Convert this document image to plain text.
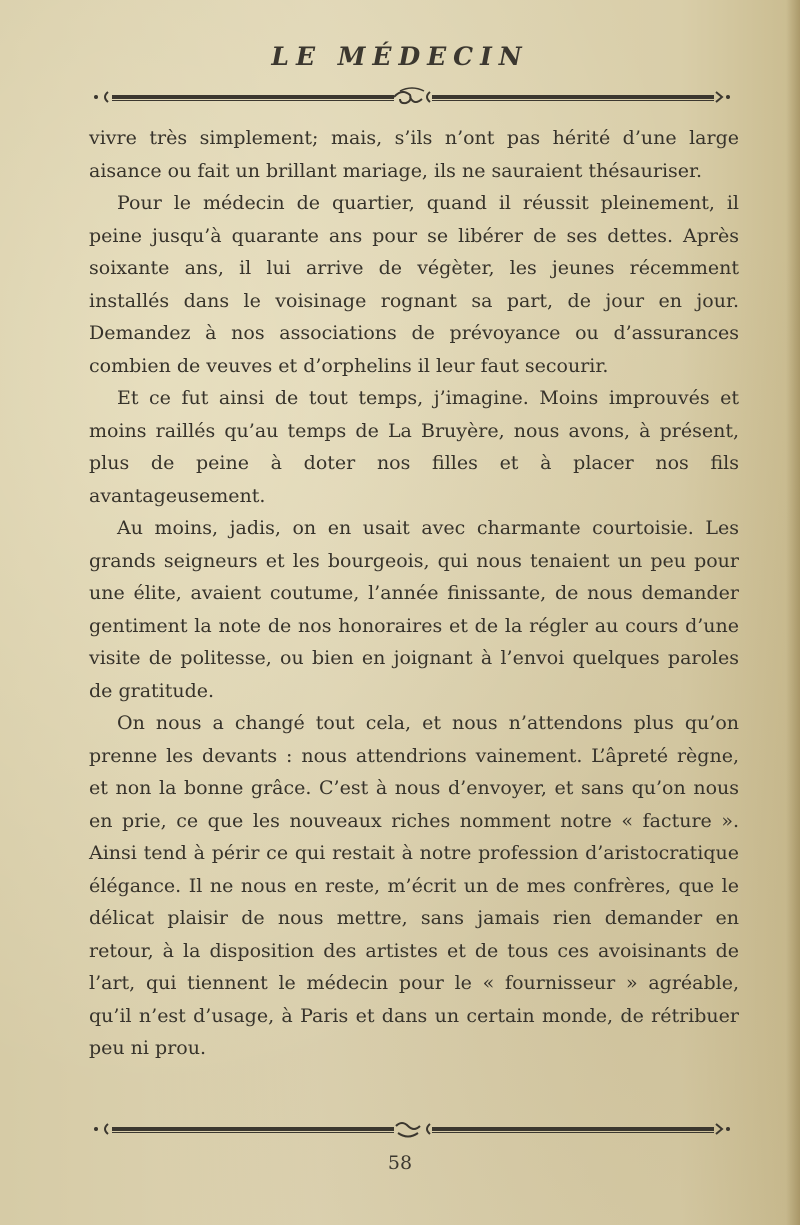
LE MÉDECIN

vivre très simplement; mais, s’ils n’ont pas hérité d’une large aisance ou fait un brillant mariage, ils ne sauraient thésauriser.

Pour le médecin de quartier, quand il réussit pleinement, il peine jusqu’à quarante ans pour se libérer de ses dettes. Après soixante ans, il lui arrive de végèter, les jeunes récemment installés dans le voisinage rognant sa part, de jour en jour. Demandez à nos associations de prévoyance ou d’assurances combien de veuves et d’orphelins il leur faut secourir.

Et ce fut ainsi de tout temps, j’imagine. Moins improuvés et moins raillés qu’au temps de La Bruyère, nous avons, à présent, plus de peine à doter nos filles et à placer nos fils avantageusement.

Au moins, jadis, on en usait avec charmante courtoisie. Les grands seigneurs et les bourgeois, qui nous tenaient un peu pour une élite, avaient coutume, l’année finissante, de nous demander gentiment la note de nos honoraires et de la régler au cours d’une visite de politesse, ou bien en joignant à l’envoi quelques paroles de gratitude.

On nous a changé tout cela, et nous n’attendons plus qu’on prenne les devants : nous attendrions vainement. L’âpreté règne, et non la bonne grâce. C’est à nous d’envoyer, et sans qu’on nous en prie, ce que les nouveaux riches nomment notre « facture ». Ainsi tend à périr ce qui restait à notre profession d’aristocratique élégance. Il ne nous en reste, m’écrit un de mes confrères, que le délicat plaisir de nous mettre, sans jamais rien demander en retour, à la disposition des artistes et de tous ces avoisinants de l’art, qui tiennent le médecin pour le « fournisseur » agréable, qu’il n’est d’usage, à Paris et dans un certain monde, de rétribuer peu ni prou.

58
